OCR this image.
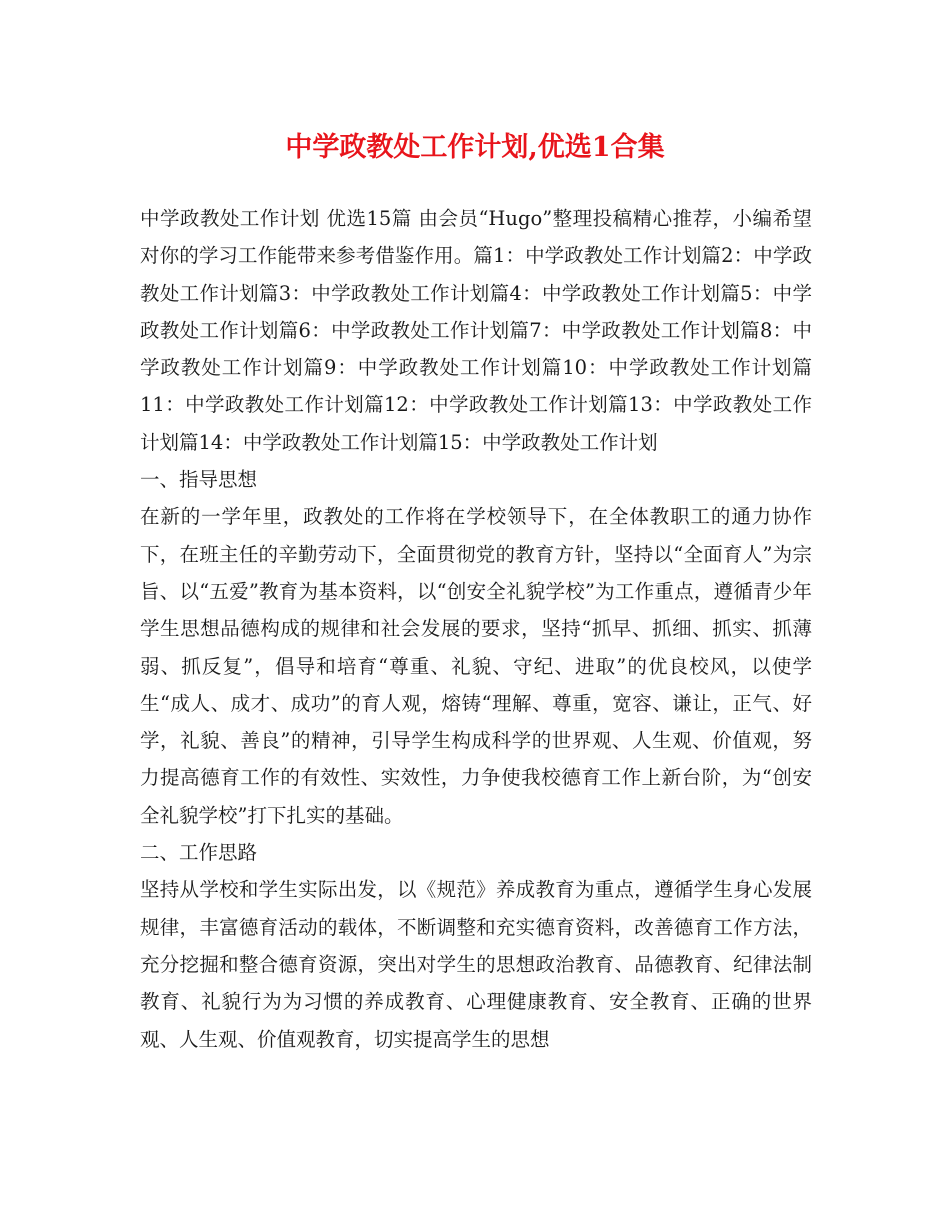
中学政教处工作计划,优选1合集

中学政教处工作计划 优选15篇 由会员“Hugo”整理投稿精心推荐，小编希望对你的学习工作能带来参考借鉴作用。篇1：中学政教处工作计划篇2：中学政教处工作计划篇3：中学政教处工作计划篇4：中学政教处工作计划篇5：中学政教处工作计划篇6：中学政教处工作计划篇7：中学政教处工作计划篇8：中学政教处工作计划篇9：中学政教处工作计划篇10：中学政教处工作计划篇11：中学政教处工作计划篇12：中学政教处工作计划篇13：中学政教处工作计划篇14：中学政教处工作计划篇15：中学政教处工作计划

一、指导思想

在新的一学年里，政教处的工作将在学校领导下，在全体教职工的通力协作下，在班主任的辛勤劳动下，全面贯彻党的教育方针，坚持以“全面育人”为宗旨、以“五爱”教育为基本资料，以“创安全礼貌学校”为工作重点，遵循青少年学生思想品德构成的规律和社会发展的要求，坚持“抓早、抓细、抓实、抓薄弱、抓反复”，倡导和培育“尊重、礼貌、守纪、进取”的优良校风，以使学生“成人、成才、成功”的育人观，熔铸“理解、尊重，宽容、谦让，正气、好学，礼貌、善良”的精神，引导学生构成科学的世界观、人生观、价值观，努力提高德育工作的有效性、实效性，力争使我校德育工作上新台阶，为“创安全礼貌学校”打下扎实的基础。

二、工作思路

坚持从学校和学生实际出发，以《规范》养成教育为重点，遵循学生身心发展规律，丰富德育活动的载体，不断调整和充实德育资料，改善德育工作方法，充分挖掘和整合德育资源，突出对学生的思想政治教育、品德教育、纪律法制教育、礼貌行为为习惯的养成教育、心理健康教育、安全教育、正确的世界观、人生观、价值观教育，切实提高学生的思想
